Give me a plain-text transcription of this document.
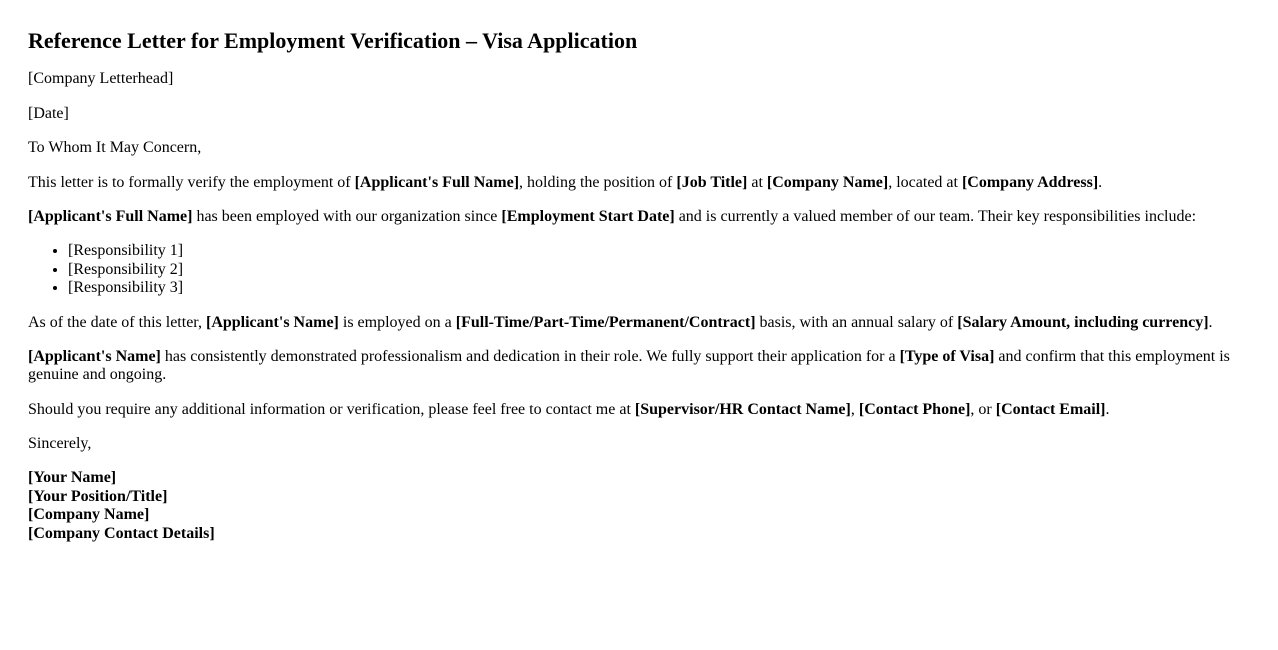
Reference Letter for Employment Verification – Visa Application

[Company Letterhead]

[Date]

To Whom It May Concern,

This letter is to formally verify the employment of [Applicant's Full Name], holding the position of [Job Title] at [Company Name], located at [Company Address].

[Applicant's Full Name] has been employed with our organization since [Employment Start Date] and is currently a valued member of our team. Their key responsibilities include:

• [Responsibility 1]
• [Responsibility 2]
• [Responsibility 3]

As of the date of this letter, [Applicant's Name] is employed on a [Full-Time/Part-Time/Permanent/Contract] basis, with an annual salary of [Salary Amount, including currency].

[Applicant's Name] has consistently demonstrated professionalism and dedication in their role. We fully support their application for a [Type of Visa] and confirm that this employment is genuine and ongoing.

Should you require any additional information or verification, please feel free to contact me at [Supervisor/HR Contact Name], [Contact Phone], or [Contact Email].

Sincerely,

[Your Name]
[Your Position/Title]
[Company Name]
[Company Contact Details]
